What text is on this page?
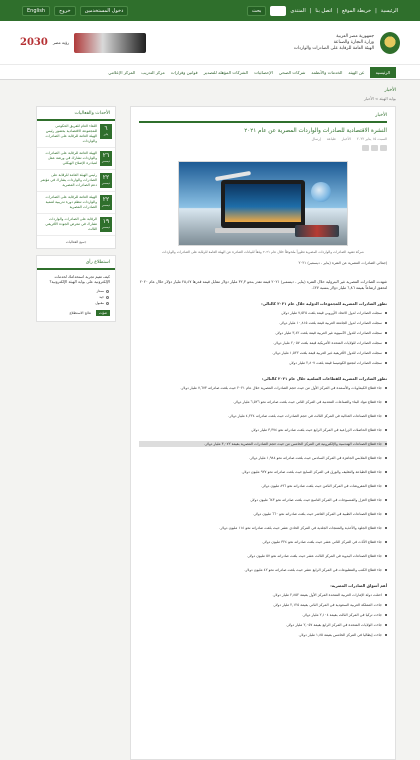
الرئيسية
|
خريطة الموقع
|
اتصل بنا
|
المنتدى
بحث
دخول المستخدمين
خروج
English
جمهورية مصر العربية
وزارة التجارة والصناعة
الهيئة العامة للرقابة على الصادرات والواردات
2030 رؤية مصر
الرئيسية
عن الهيئة
الخدمات والأنظمة
شركات الصحي
الإحصائيات
الشركات المؤهلة للتصدير
قوانين وقرارات
مركز التدريب
المركز الإعلامي
الأخبار
بوابة الهيئة > الأخبار
الأخبار
النشرة الاقتصادية للصادرات والواردات المصرية عن عام ٢٠٢١
السبت ١٥ يناير ٢٠٢٢
الأخبار
طباعة
إرسال
شركة تشهد الصادرات والواردات المصرية تطوراً ملحوظاً خلال عام ٢٠٢١ وفقاً للبيانات الصادرة عن الهيئة العامة للرقابة على الصادرات والواردات
إجمالي الصادرات المصرية عن الفترة (يناير - ديسمبر) ٢٠٢١
شهدت الصادرات المصرية غير البترولية خلال الفترة (يناير - ديسمبر) ٢٠٢١ قيمة تقدر بنحو ٣٢,٣ مليار دولار مقابل قيمة قدرها ٢٥,٤٧ مليار دولار خلال عام ٢٠٢٠ لتحقق ارتفاعاً بقيمة ٦,٨٦ مليار دولار بنسبة ٢٧٪.
تطور الصادرات المصرية للمجموعات الدولية خلال عام ٢٠٢١ كالتالي:
سجلت الصادرات لدول الاتحاد الأوروبي قيمة بلغت ٧,٥٢٥ مليار دولار.
سجلت الصادرات لدول الجامعة العربية قيمة بلغت ١٠,٨١٥ مليار دولار.
سجلت الصادرات للدول الآسيوية غير العربية قيمة بلغت ٣,٤٢ مليار دولار.
سجلت الصادرات للولايات المتحدة الأمريكية قيمة بلغت ٢,٠٥٧ مليار دولار.
سجلت الصادرات للدول الأفريقية غير العربية قيمة بلغت ١,٥٢٢ مليار دولار.
سجلت الصادرات لتجمع الكوميسا قيمة بلغت ٢,٨٠٧ مليار دولار.
تطور الصادرات المصرية للقطاعات السلعية خلال عام ٢٠٢١ كالتالي:
جاء قطاع الكيماويات والأسمدة في المركز الأول من حيث حجم الصادرات المصرية خلال عام ٢٠٢١ حيث بلغت صادراته ٧,٦٧٣ مليار دولار.
جاء قطاع مواد البناء والصناعات المعدنية في المركز الثاني حيث بلغت صادراته نحو ٦,٥٢٦ مليار دولار.
جاء قطاع الصناعات الغذائية في المركز الثالث في حجم الصادرات حيث بلغت صادراته ٤,٢٢٤ مليار دولار.
جاء قطاع الحاصلات الزراعية في المركز الرابع حيث بلغت صادراته نحو ٣,٣٧٤ مليار دولار.
جاء قطاع الصناعات الهندسية والإلكترونية في المركز الخامس من حيث حجم الصادرات المصرية بقيمة ٣,٠٧٢ مليار دولار.
جاء قطاع الملابس الجاهزة في المركز السادس حيث بلغت صادراته نحو ١,٩٨٤ مليار دولار.
جاء قطاع الطباعة والتغليف والورق في المركز السابع حيث بلغت صادراته نحو ٩٢٧ مليون دولار.
جاء قطاع المفروشات في المركز الثامن حيث بلغت صادراته نحو ٨٩٦ مليون دولار.
جاء قطاع الغزل والمنسوجات في المركز التاسع حيث بلغت صادراته نحو ٦٤٣ مليون دولار.
جاء قطاع الصناعات الطبية في المركز العاشر حيث بلغت صادراته نحو ٦٦٠ مليون دولار.
جاء قطاع الجلود والأحذية والمنتجات الجلدية في المركز الحادي عشر حيث بلغت صادراته نحو ١١٤ مليون دولار.
جاء قطاع الأثاث في المركز الثاني عشر حيث بلغت صادراته نحو ٣٢٤ مليون دولار.
جاء قطاع الصناعات اليدوية في المركز الثالث عشر حيث بلغت صادراته نحو ٥٧ مليون دولار.
جاء قطاع الكتب والمطبوعات في المركز الرابع عشر حيث بلغت صادراته نحو ٤٢ مليون دولار.
أهم أسواق الصادرات المصرية:
احتلت دولة الإمارات العربية المتحدة المركز الأول بقيمة ٢,٨٥٢ مليار دولار.
جاءت المملكة العربية السعودية في المركز الثاني بقيمة ٢,١٢٥ مليار دولار.
جاءت تركيا في المركز الثالث بقيمة ٢,١٠٤ مليار دولار.
جاءت الولايات المتحدة في المركز الرابع بقيمة ٢,٠٥٧ مليار دولار.
جاءت إيطاليا في المركز الخامس بقيمة ١,٨٥ مليار دولار.
الأحداث والفعاليات
٦
يناير
اللقاء العام للفريق الحكومي للمجموعة الاقتصادية بحضور رئيس الهيئة العامة للرقابة على الصادرات والواردات
٢٦
ديسمبر
الهيئة العامة للرقابة على الصادرات والواردات تشارك في ورشة عمل لمبادرة الإصلاح الهيكلي
٢٢
ديسمبر
رئيس الهيئة العامة للرقابة على الصادرات والواردات يشارك في مؤتمر دعم الصادرات المصرية
٢٢
ديسمبر
الهيئة العامة للرقابة على الصادرات والواردات تنظم دورة تدريبية لتنمية الصادرات المصرية
١٩
ديسمبر
الرقابة على الصادرات والواردات تشارك في معرض الجودة الأفريقي الثالث
جميع الفعاليات
استطلاع رأى
كيف تقيم تجربة استخدامك لخدمات الإلكترونية على بوابة الهيئة الإلكترونية؟
ممتاز
جيد
مقبول
صوّت
نتائج الاستطلاع
